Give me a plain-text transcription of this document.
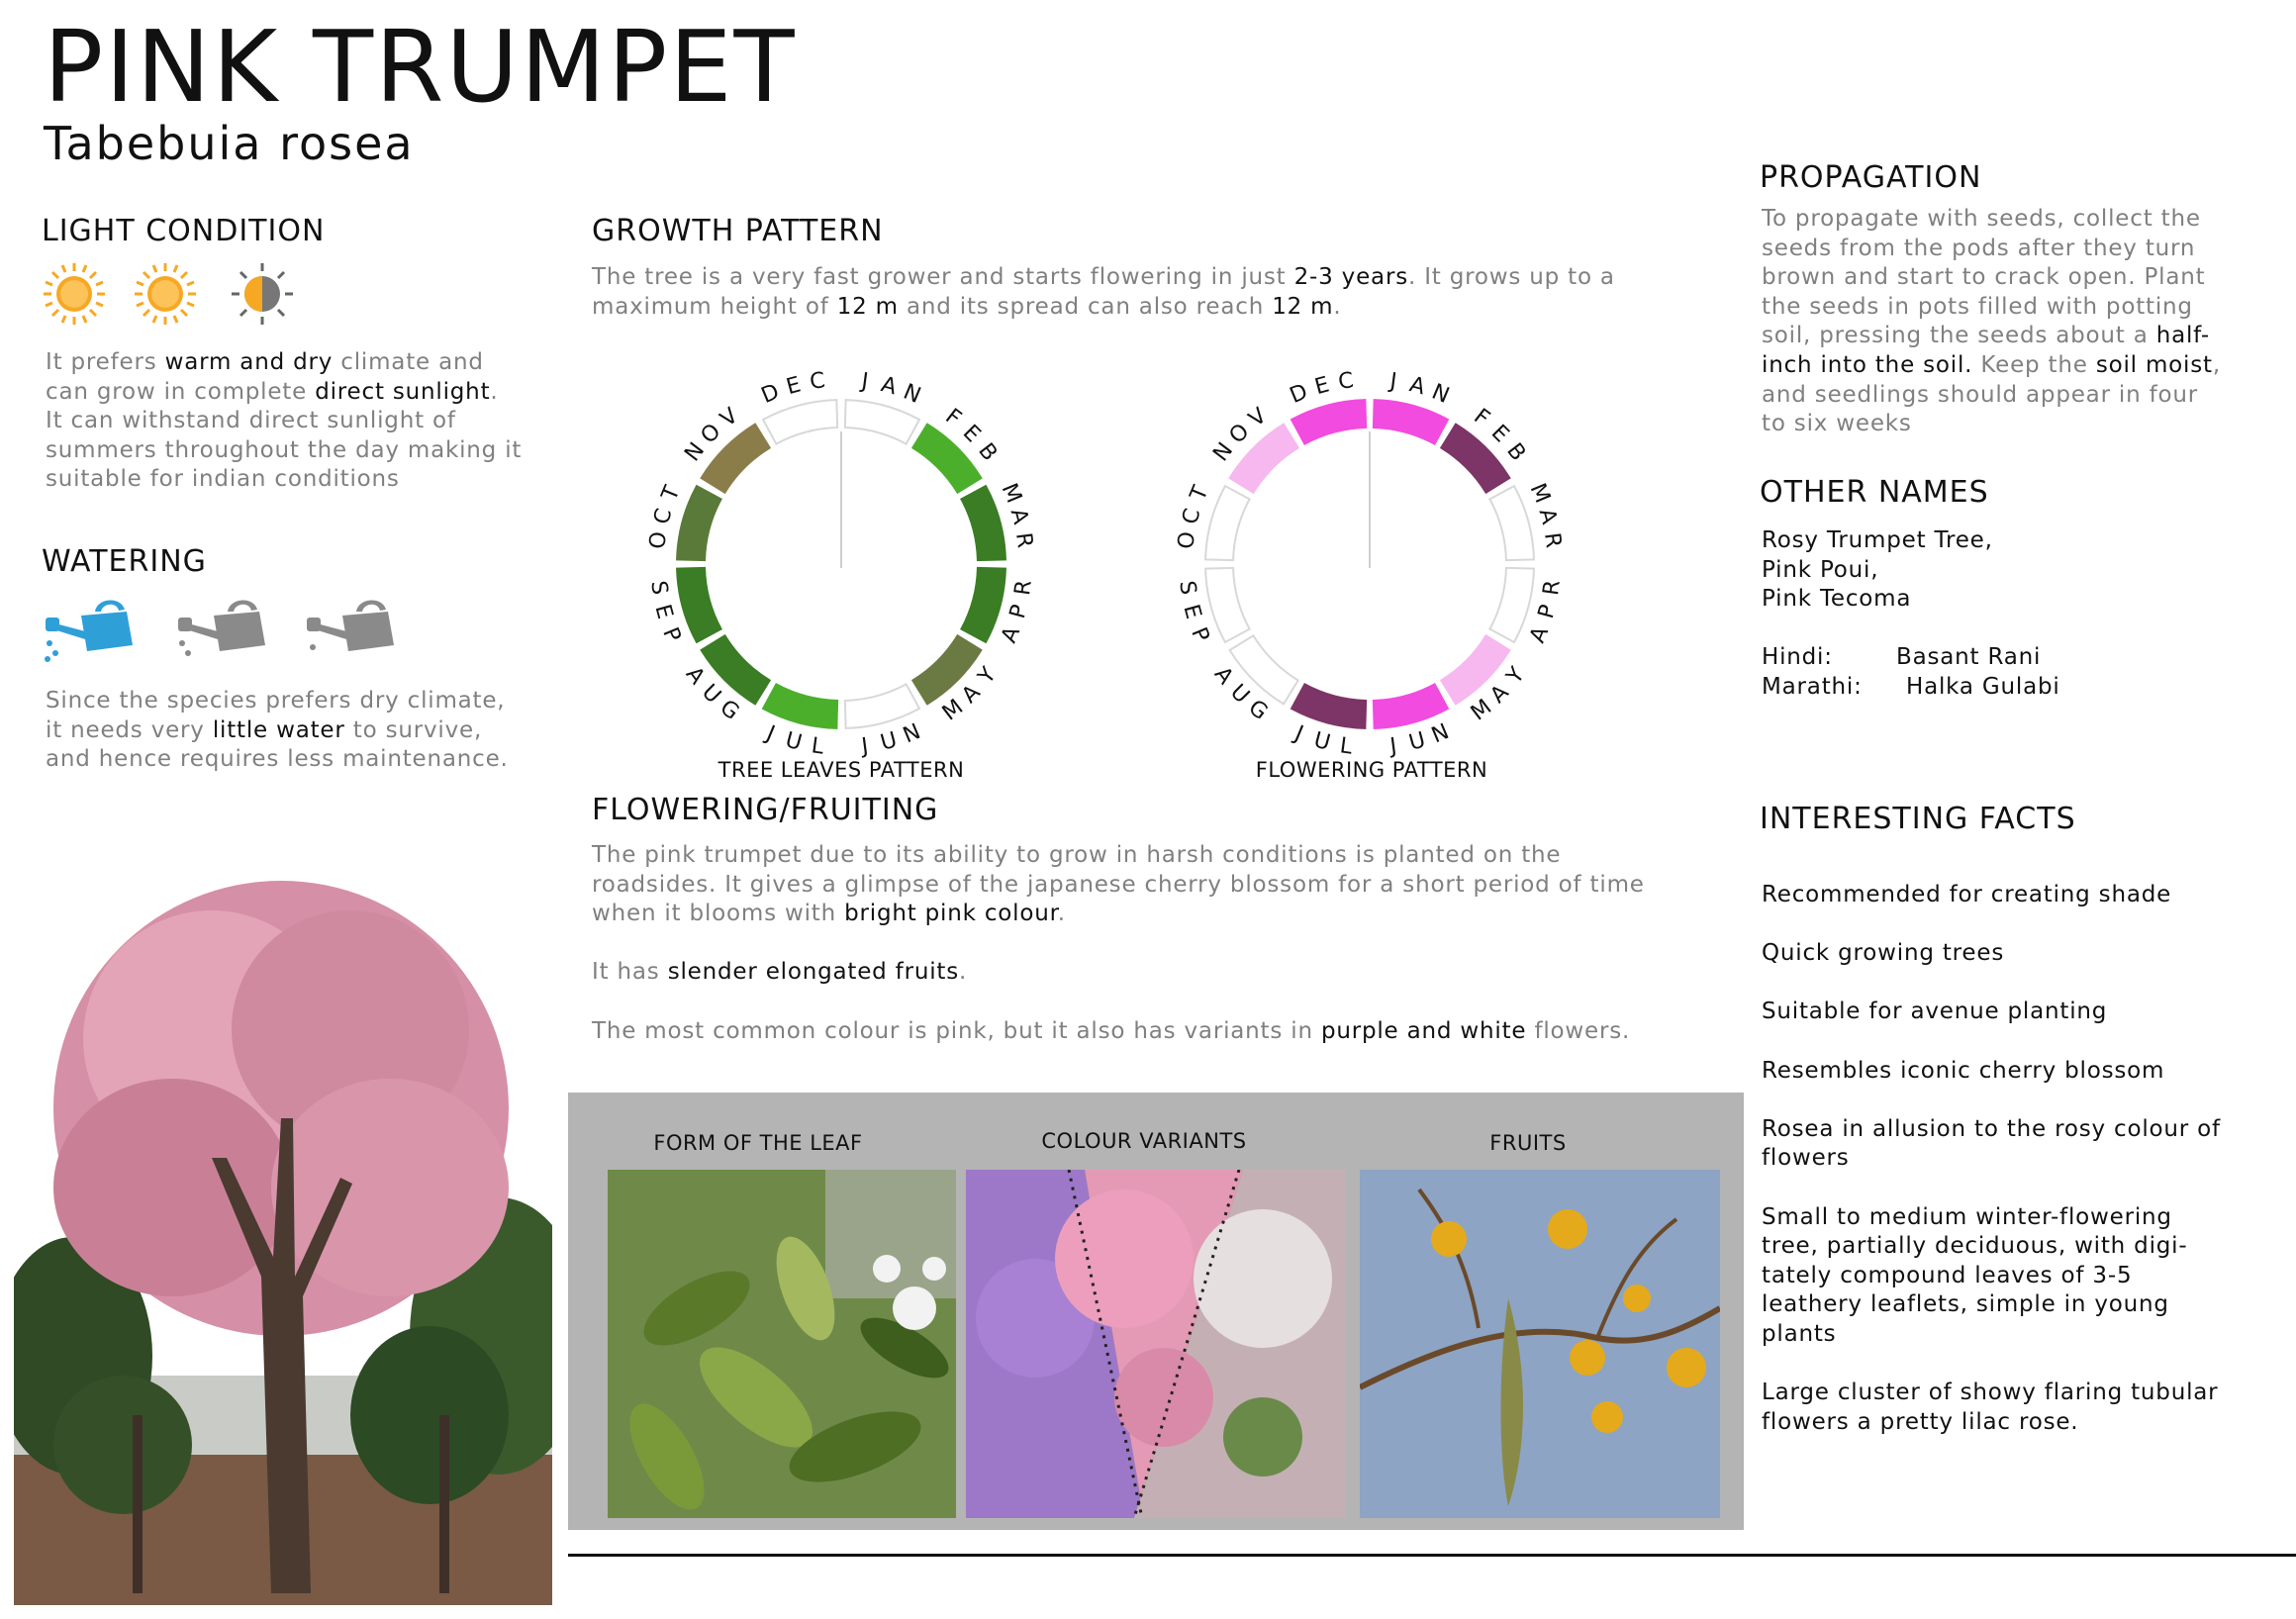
PINK TRUMPET
Tabebuia rosea
LIGHT CONDITION
It prefers warm and dry climate and
can grow in complete direct sunlight.
It can withstand direct sunlight of
summers throughout the day making it
suitable for indian conditions
WATERING
Since the species prefers dry climate,
it needs very little water to survive,
and hence requires less maintenance.
GROWTH PATTERN
The tree is a very fast grower and starts flowering in just 2-3 years. It grows up to a
maximum height of 12 m and its spread can also reach 12 m.
J A N
F
E
B
M
A
R
A
P
R
M
A
Y
J U N
J U L
A
U
G
S
E
P
O
C
T
N
O
V
D E C	J A N
F
E
B
M
A
R
A
P
R
M
A
Y
J U N
J U L
A
U
G
S
E
P
O
C
T
N
O
V
D E C
TREE LEAVES PATTERN	FLOWERING PATTERN
FLOWERING/FRUITING
The pink trumpet due to its ability to grow in harsh conditions is planted on the
roadsides. It gives a glimpse of the japanese cherry blossom for a short period of time
when it blooms with bright pink colour.
It has slender elongated fruits.
The most common colour is pink, but it also has variants in purple and white flowers.
FORM OF THE LEAF	COLOUR VARIANTS	FRUITS
PROPAGATION
To propagate with seeds, collect the
seeds from the pods after they turn
brown and start to crack open. Plant
the seeds in pots filled with potting
soil, pressing the seeds about a half-
inch into the soil. Keep the soil moist,
and seedlings should appear in four
to six weeks
OTHER NAMES
Rosy Trumpet Tree,
Pink Poui,
Pink Tecoma
Hindi:	Basant Rani
Marathi: Halka Gulabi
INTERESTING FACTS
Recommended for creating shade
Quick growing trees
Suitable for avenue planting
Resembles iconic cherry blossom
Rosea in allusion to the rosy colour of
flowers
Small to medium winter-flowering
tree, partially deciduous, with digi-
tately compound leaves of 3-5
leathery leaflets, simple in young
plants
Large cluster of showy flaring tubular
flowers a pretty lilac rose.
